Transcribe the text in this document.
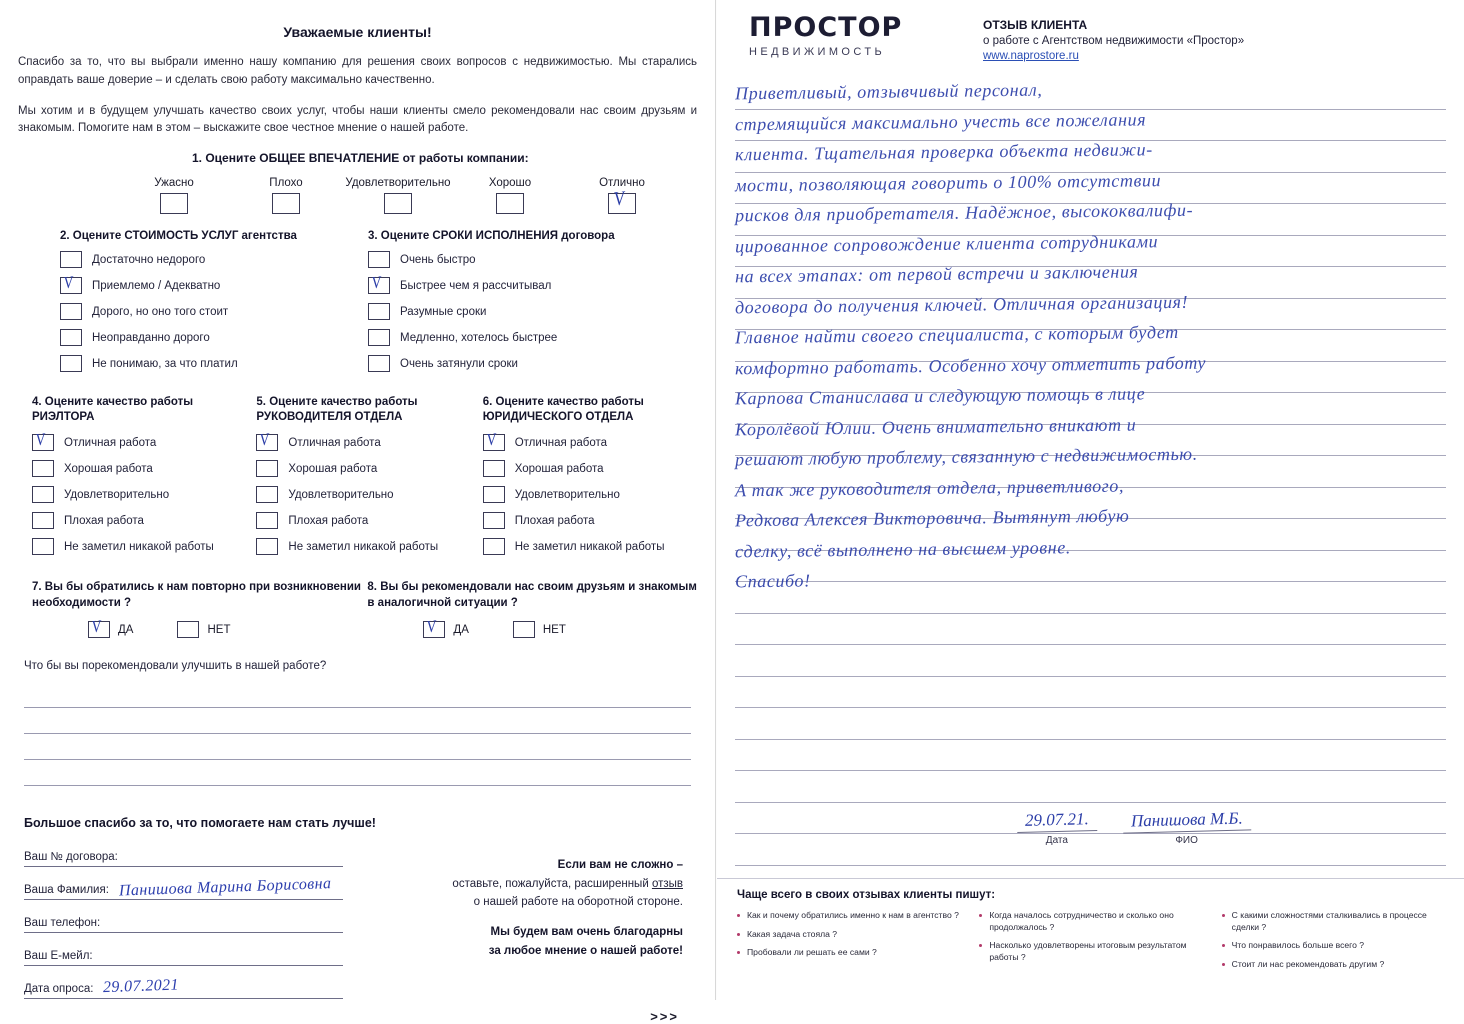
Уважаемые клиенты!

Спасибо за то, что вы выбрали именно нашу компанию для решения своих вопросов с недвижимостью. Мы старались оправдать ваше доверие – и сделать свою работу максимально качественно.

Мы хотим и в будущем улучшать качество своих услуг, чтобы наши клиенты смело рекомендовали нас своим друзьям и знакомым. Помогите нам в этом – выскажите свое честное мнение о нашей работе.

1. Оцените ОБЩЕЕ ВПЕЧАТЛЕНИЕ от работы компании:
Ужасно	Плохо	Удовлетворительно	Хорошо	Отлично
V
2. Оцените СТОИМОСТЬ УСЛУГ агентства
Достаточно недорого
V Приемлемо / Адекватно
Дорого, но оно того стоит
Неоправданно дорого
Не понимаю, за что платил
3. Оцените СРОКИ ИСПОЛНЕНИЯ договора
Очень быстро
V Быстрее чем я рассчитывал
Разумные сроки
Медленно, хотелось быстрее
Очень затянули сроки
4. Оцените качество работы РИЭЛТОРА
V Отличная работа
Хорошая работа
Удовлетворительно
Плохая работа
Не заметил никакой работы
5. Оцените качество работы РУКОВОДИТЕЛЯ ОТДЕЛА
V Отличная работа
Хорошая работа
Удовлетворительно
Плохая работа
Не заметил никакой работы
6. Оцените качество работы ЮРИДИЧЕСКОГО ОТДЕЛА
V Отличная работа
Хорошая работа
Удовлетворительно
Плохая работа
Не заметил никакой работы
7. Вы бы обратились к нам повторно при возникновении необходимости ?
V ДА	НЕТ
8. Вы бы рекомендовали нас своим друзьям и знакомым в аналогичной ситуации ?
V ДА	НЕТ
Что бы вы порекомендовали улучшить в нашей работе?
Большое спасибо за то, что помогаете нам стать лучше!
Ваш № договора:
Ваша Фамилия: Панишова Марина Борисовна
Ваш телефон:
Ваш Е-мейл:
Дата опроса: 29.07.2021
Если вам не сложно –
оставьте, пожалуйста, расширенный отзыв
о нашей работе на оборотной стороне.
Мы будем вам очень благодарны
за любое мнение о нашей работе!
>>>
ПРОСТОР
НЕДВИЖИМОСТЬ
ОТЗЫВ КЛИЕНТА
о работе с Агентством недвижимости «Простор»
www.naprostore.ru
Приветливый, отзывчивый персонал,
стремящийся максимально учесть все пожелания
клиента. Тщательная проверка объекта недвижи-
мости, позволяющая говорить о 100% отсутствии
рисков для приобретателя. Надёжное, высококвалифи-
цированное сопровождение клиента сотрудниками
на всех этапах: от первой встречи и заключения
договора до получения ключей. Отличная организация!
Главное найти своего специалиста, с которым будет
комфортно работать. Особенно хочу отметить работу
Карпова Станислава и следующую помощь в лице
Королёвой Юлии. Очень внимательно вникают и
решают любую проблему, связанную с недвижимостью.
А так же руководителя отдела, приветливого,
Редкова Алексея Викторовича. Вытянут любую
сделку, всё выполнено на высшем уровне.
Спасибо!
29.07.21.
Дата
Панишова М.Б.
ФИО
Чаще всего в своих отзывах клиенты пишут:
Как и почему обратились именно к нам в агентство ?
Какая задача стояла ?
Пробовали ли решать ее сами ?
Когда началось сотрудничество и сколько оно продолжалось ?
Насколько удовлетворены итоговым результатом работы ?
С какими сложностями сталкивались в процессе сделки ?
Что понравилось больше всего ?
Стоит ли нас рекомендовать другим ?
